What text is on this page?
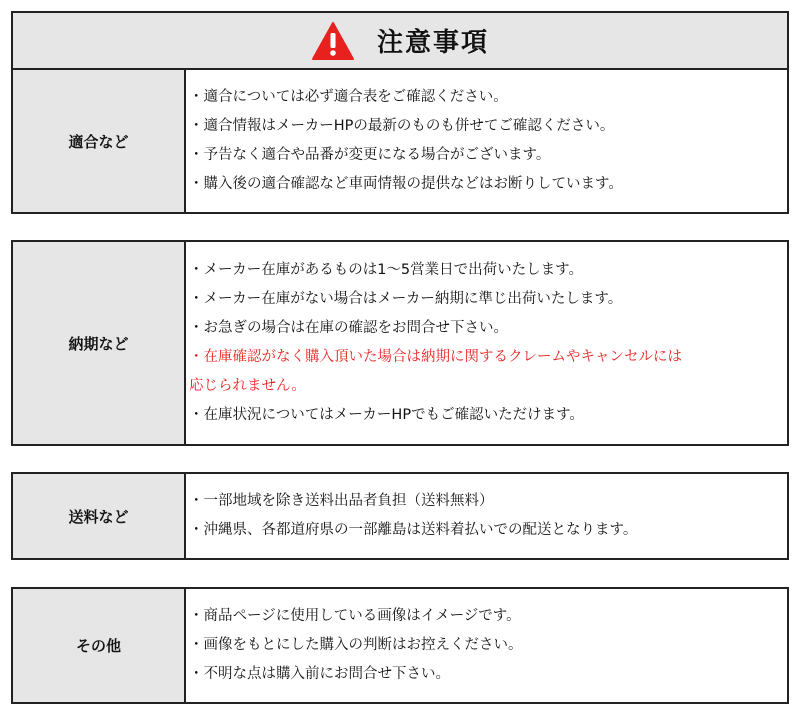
注意事項
適合など
・適合については必ず適合表をご確認ください。
・適合情報はメーカーHPの最新のものも併せてご確認ください。
・予告なく適合や品番が変更になる場合がございます。
・購入後の適合確認など車両情報の提供などはお断りしています。
納期など
・メーカー在庫があるものは1～5営業日で出荷いたします。
・メーカー在庫がない場合はメーカー納期に準じ出荷いたします。
・お急ぎの場合は在庫の確認をお問合せ下さい。
・在庫確認がなく購入頂いた場合は納期に関するクレームやキャンセルには
応じられません。
・在庫状況についてはメーカーHPでもご確認いただけます。
送料など
・一部地域を除き送料出品者負担（送料無料）
・沖縄県、各都道府県の一部離島は送料着払いでの配送となります。
その他
・商品ページに使用している画像はイメージです。
・画像をもとにした購入の判断はお控えください。
・不明な点は購入前にお問合せ下さい。
